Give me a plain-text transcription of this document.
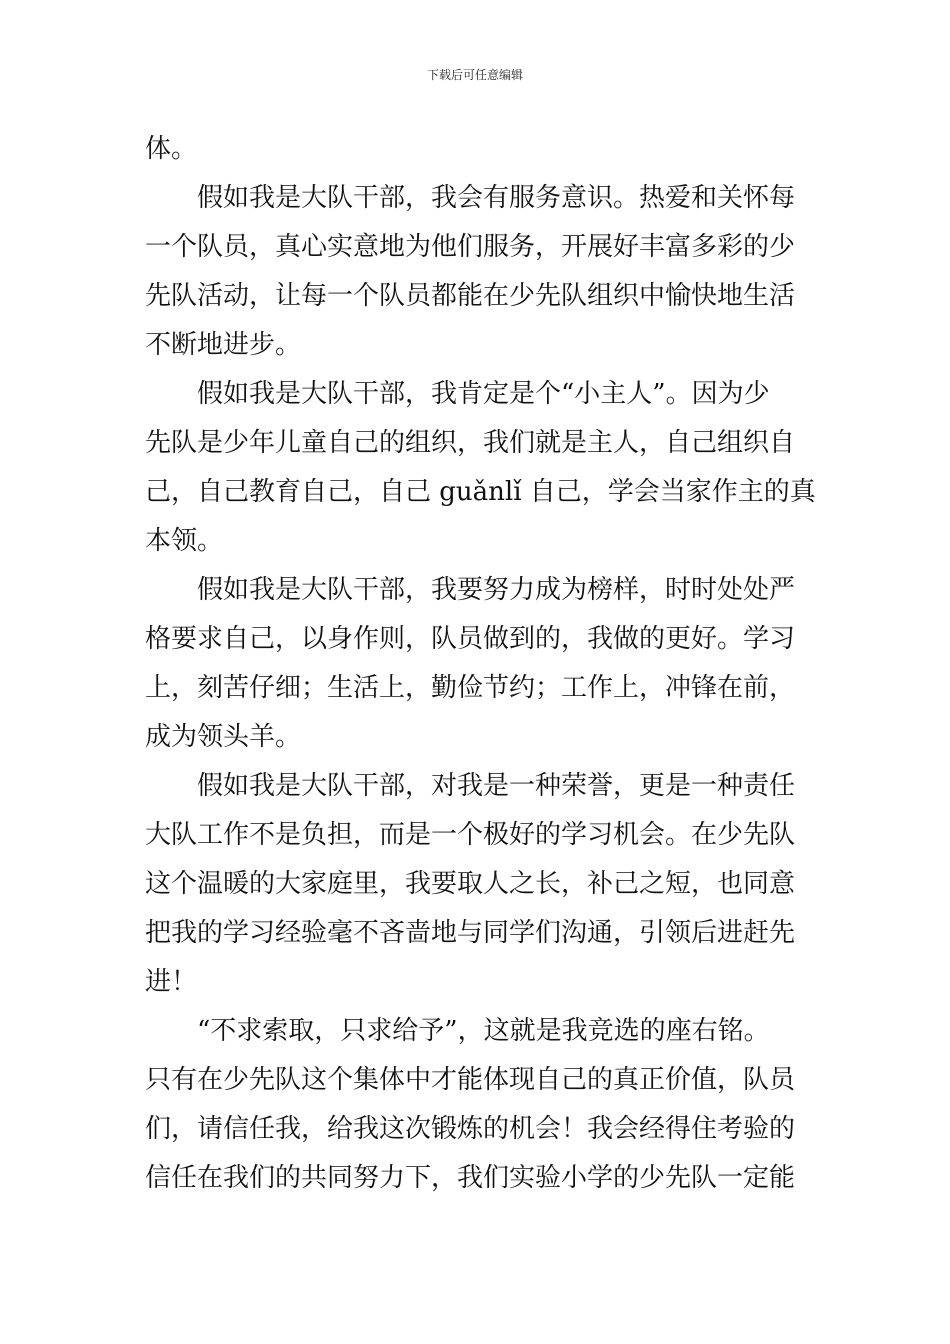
下载后可任意编辑
体。
假如我是大队干部，我会有服务意识。热爱和关怀每
一个队员，真心实意地为他们服务，开展好丰富多彩的少
先队活动，让每一个队员都能在少先队组织中愉快地生活
不断地进步。
假如我是大队干部，我肯定是个“小主人”。因为少
先队是少年儿童自己的组织，我们就是主人，自己组织自
己，自己教育自己，自己 guǎnlǐ 自己，学会当家作主的真
本领。
假如我是大队干部，我要努力成为榜样，时时处处严
格要求自己，以身作则，队员做到的，我做的更好。学习
上，刻苦仔细；生活上，勤俭节约；工作上，冲锋在前，
成为领头羊。
假如我是大队干部，对我是一种荣誉，更是一种责任
大队工作不是负担，而是一个极好的学习机会。在少先队
这个温暖的大家庭里，我要取人之长，补己之短，也同意
把我的学习经验毫不吝啬地与同学们沟通，引领后进赶先
进！
“不求索取，只求给予”，这就是我竞选的座右铭。
只有在少先队这个集体中才能体现自己的真正价值，队员
们，请信任我，给我这次锻炼的机会！我会经得住考验的
信任在我们的共同努力下，我们实验小学的少先队一定能
